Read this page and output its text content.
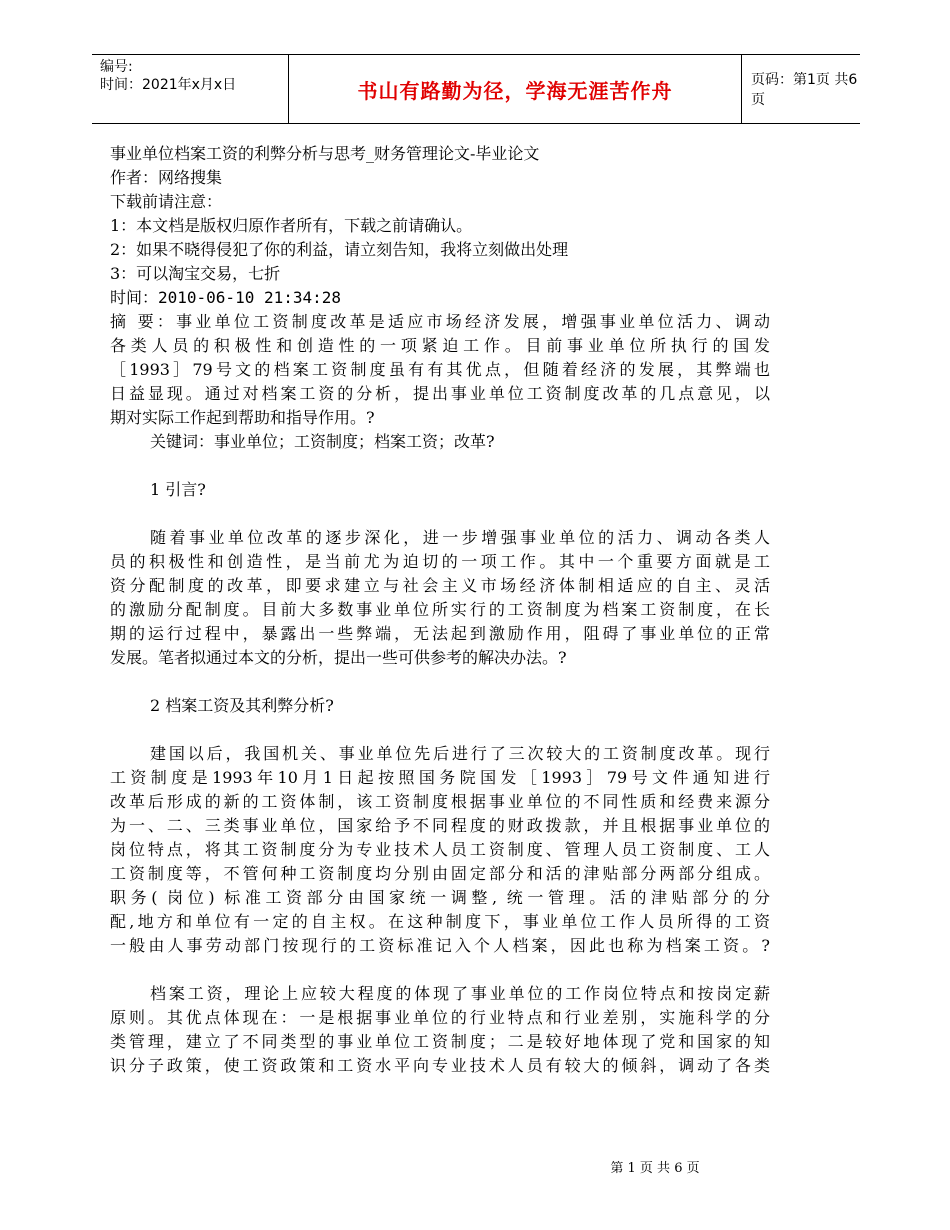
编号:
时间：2021年x月x日	书山有路勤为径，学海无涯苦作舟	页码：第1页 共6页
事业单位档案工资的利弊分析与思考_财务管理论文-毕业论文
作者：网络搜集
下载前请注意：
1：本文档是版权归原作者所有，下载之前请确认。
2：如果不晓得侵犯了你的利益，请立刻告知，我将立刻做出处理
3：可以淘宝交易，七折
时间：2010-06-10 21:34:28
摘 要：事业单位工资制度改革是适应市场经济发展，增强事业单位活力、调动
各类人员的积极性和创造性的一项紧迫工作。目前事业单位所执行的国发
［1993］79号文的档案工资制度虽有有其优点，但随着经济的发展，其弊端也
日益显现。通过对档案工资的分析，提出事业单位工资制度改革的几点意见，以
期对实际工作起到帮助和指导作用。?
关键词：事业单位；工资制度；档案工资；改革?
1 引言?
随着事业单位改革的逐步深化，进一步增强事业单位的活力、调动各类人
员的积极性和创造性，是当前尤为迫切的一项工作。其中一个重要方面就是工
资分配制度的改革，即要求建立与社会主义市场经济体制相适应的自主、灵活
的激励分配制度。目前大多数事业单位所实行的工资制度为档案工资制度，在长
期的运行过程中，暴露出一些弊端，无法起到激励作用，阻碍了事业单位的正常
发展。笔者拟通过本文的分析，提出一些可供参考的解决办法。?
2 档案工资及其利弊分析?
建国以后，我国机关、事业单位先后进行了三次较大的工资制度改革。现行
工资制度是1993年10月1日起按照国务院国发［1993］79号文件通知进行
改革后形成的新的工资体制，该工资制度根据事业单位的不同性质和经费来源分
为一、二、三类事业单位，国家给予不同程度的财政拨款，并且根据事业单位的
岗位特点，将其工资制度分为专业技术人员工资制度、管理人员工资制度、工人
工资制度等，不管何种工资制度均分别由固定部分和活的津贴部分两部分组成。
职务( 岗位) 标准工资部分由国家统一调整, 统一管理。活的津贴部分的分
配,地方和单位有一定的自主权。在这种制度下，事业单位工作人员所得的工资
一般由人事劳动部门按现行的工资标准记入个人档案，因此也称为档案工资。?
档案工资，理论上应较大程度的体现了事业单位的工作岗位特点和按岗定薪
原则。其优点体现在：一是根据事业单位的行业特点和行业差别，实施科学的分
类管理，建立了不同类型的事业单位工资制度；二是较好地体现了党和国家的知
识分子政策，使工资政策和工资水平向专业技术人员有较大的倾斜，调动了各类
第 1 页 共 6 页
